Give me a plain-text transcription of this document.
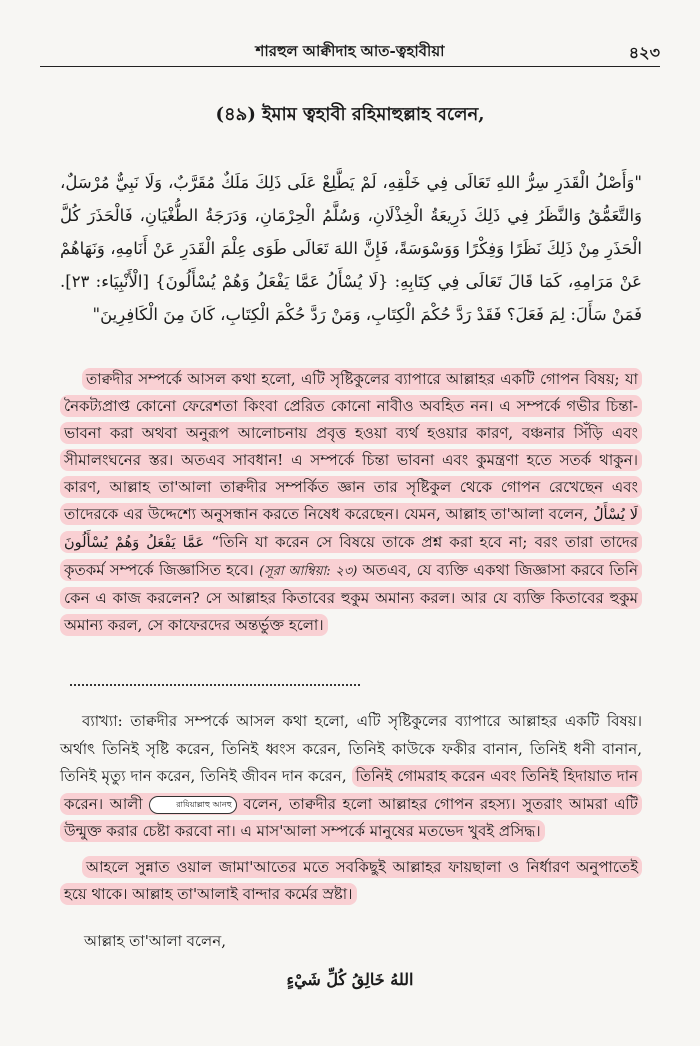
শারহুল আক্বীদাহ আত-ত্বহাবীয়া	৪২৩
(৪৯) ইমাম ত্বহাবী রহিমাহুল্লাহ বলেন,

"وَأَصْلُ الْقَدَرِ سِرُّ اللهِ تَعَالَى فِي خَلْقِهِ، لَمْ يَطَّلِعْ عَلَى ذَلِكَ مَلَكٌ مُقَرَّبٌ، وَلَا نَبِيٌّ مُرْسَلٌ، وَالتَّعَمُّقُ وَالنَّظَرُ فِي ذَلِكَ ذَرِيعَةُ الْخِذْلَانِ، وَسُلَّمُ الْحِرْمَانِ، وَدَرَجَةُ الطُّغْيَانِ، فَالْحَذَرَ كُلَّ الْحَذَرِ مِنْ ذَلِكَ نَظَرًا وَفِكْرًا وَوَسْوَسَةً، فَإِنَّ اللهَ تَعَالَى طَوَى عِلْمَ الْقَدَرِ عَنْ أَنَامِهِ، وَنَهَاهُمْ عَنْ مَرَامِهِ، كَمَا قَالَ تَعَالَى فِي كِتَابِهِ: {لَا يُسْأَلُ عَمَّا يَفْعَلُ وَهُمْ يُسْأَلُونَ} [الْأَنْبِيَاء: ٢٣]. فَمَنْ سَأَلَ: لِمَ فَعَلَ؟ فَقَدْ رَدَّ حُكْمَ الْكِتَابِ، وَمَنْ رَدَّ حُكْمَ الْكِتَابِ، كَانَ مِنَ الْكَافِرِينَ"

তাক্বদীর সম্পর্কে আসল কথা হলো, এটি সৃষ্টিকুলের ব্যাপারে আল্লাহর একটি গোপন বিষয়; যা নৈকট্যপ্রাপ্ত কোনো ফেরেশতা কিংবা প্রেরিত কোনো নাবীও অবহিত নন। এ সম্পর্কে গভীর চিন্তা-ভাবনা করা অথবা অনুরূপ আলোচনায় প্রবৃত্ত হওয়া ব্যর্থ হওয়ার কারণ, বঞ্চনার সিঁড়ি এবং সীমালংঘনের স্তর। অতএব সাবধান! এ সম্পর্কে চিন্তা ভাবনা এবং কুমন্ত্রণা হতে সতর্ক থাকুন। কারণ, আল্লাহ তা'আলা তাক্বদীর সম্পর্কিত জ্ঞান তার সৃষ্টিকুল থেকে গোপন রেখেছেন এবং তাদেরকে এর উদ্দেশ্যে অনুসন্ধান করতে নিষেধ করেছেন। যেমন, আল্লাহ তা'আলা বলেন, لَا يُسْأَلُ عَمَّا يَفْعَلُ وَهُمْ يُسْأَلُونَ “তিনি যা করেন সে বিষয়ে তাকে প্রশ্ন করা হবে না; বরং তারা তাদের কৃতকর্ম সম্পর্কে জিজ্ঞাসিত হবে। (সূরা আম্বিয়া: ২৩) অতএব, যে ব্যক্তি একথা জিজ্ঞাসা করবে তিনি কেন এ কাজ করলেন? সে আল্লাহর কিতাবের হুকুম অমান্য করল। আর যে ব্যক্তি কিতাবের হুকুম অমান্য করল, সে কাফেরদের অন্তর্ভুক্ত হলো।

ব্যাখ্যা: তাক্বদীর সম্পর্কে আসল কথা হলো, এটি সৃষ্টিকুলের ব্যাপারে আল্লাহর একটি বিষয়। অর্থাৎ তিনিই সৃষ্টি করেন, তিনিই ধ্বংস করেন, তিনিই কাউকে ফকীর বানান, তিনিই ধনী বানান, তিনিই মৃত্যু দান করেন, তিনিই জীবন দান করেন, তিনিই গোমরাহ করেন এবং তিনিই হিদায়াত দান করেন। আলী	রাযিয়াল্লাহু আনহু বলেন, তাক্বদীর হলো আল্লাহর গোপন রহস্য। সুতরাং আমরা এটি উন্মুক্ত করার চেষ্টা করবো না। এ মাস'আলা সম্পর্কে মানুষের মতভেদ খুবই প্রসিদ্ধ।

আহলে সুন্নাত ওয়াল জামা'আতের মতে সবকিছুই আল্লাহর ফায়ছালা ও নির্ধারণ অনুপাতেই হয়ে থাকে। আল্লাহ তা'আলাই বান্দার কর্মের স্রষ্টা।

আল্লাহ তা'আলা বলেন,
اللهُ خَالِقُ كُلِّ شَيْءٍ
